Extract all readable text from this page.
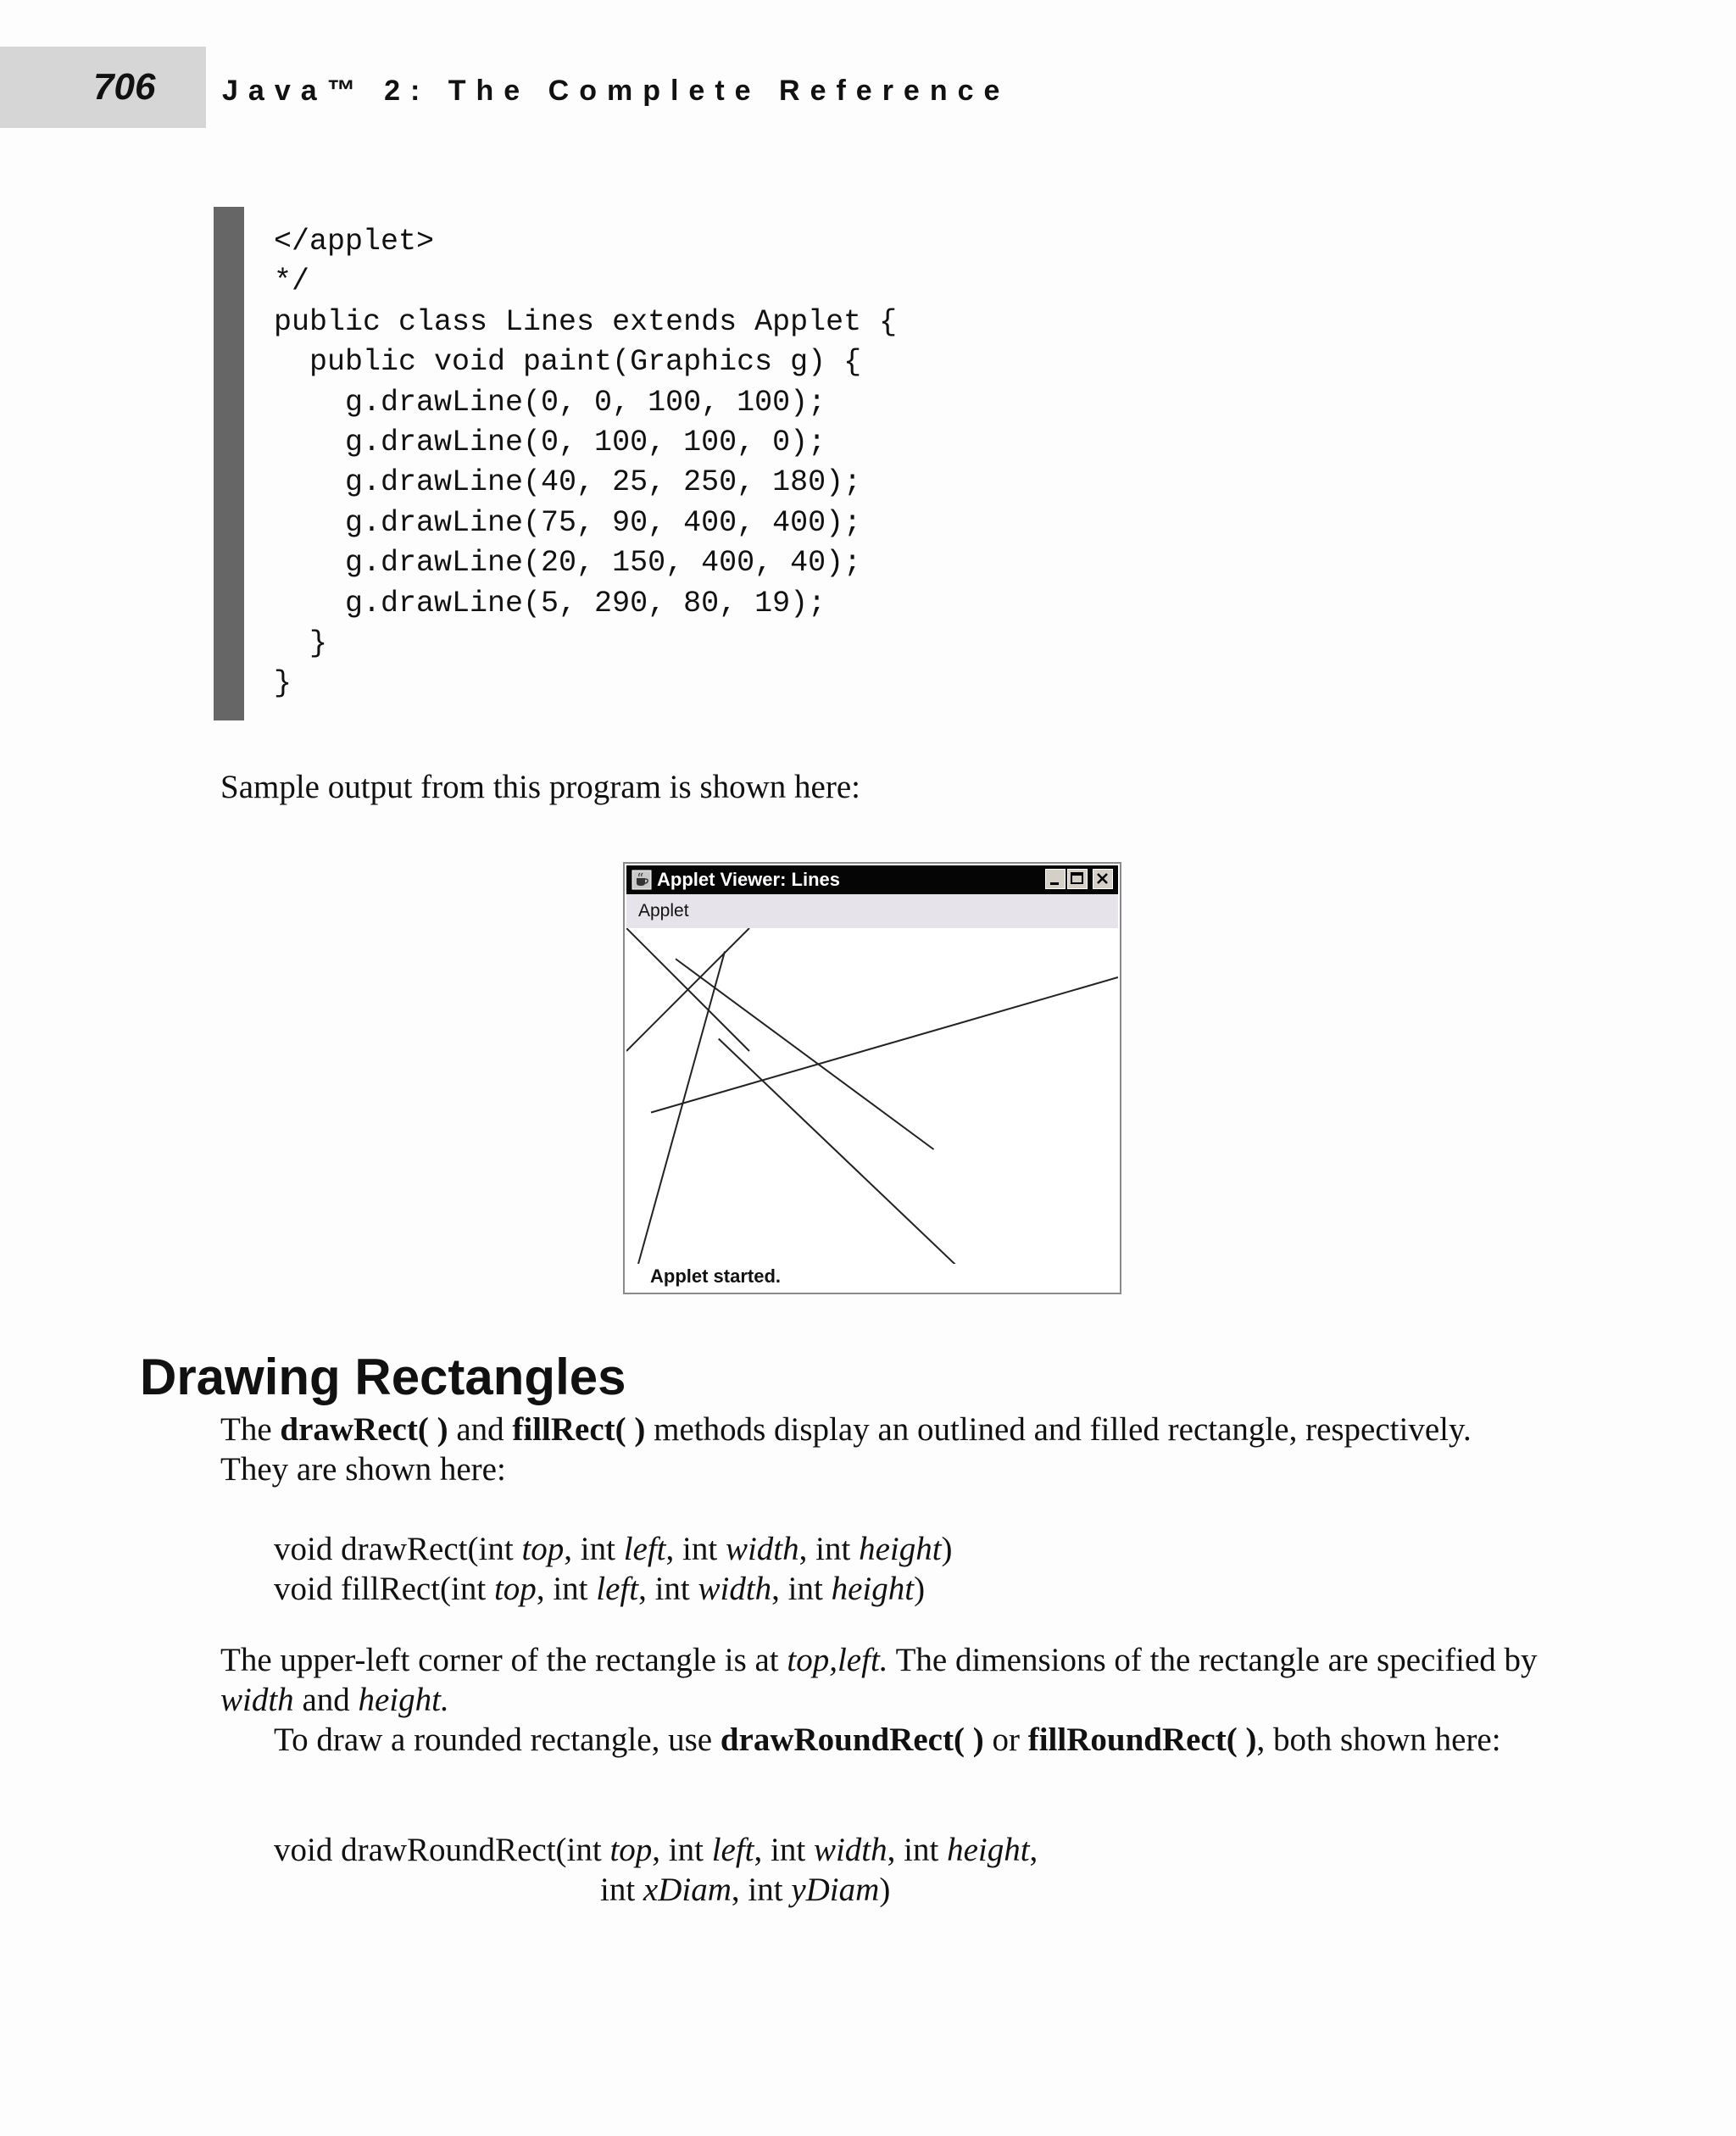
706 Java™ 2: The Complete Reference
</applet>
*/
public class Lines extends Applet {
public void paint(Graphics g) {
g.drawLine(0, 0, 100, 100);
g.drawLine(0, 100, 100, 0);
g.drawLine(40, 25, 250, 180);
g.drawLine(75, 90, 400, 400);
g.drawLine(20, 150, 400, 40);
g.drawLine(5, 290, 80, 19);
}
}

Sample output from this program is shown here:

Applet Viewer: Lines
Applet
Applet started.
Drawing Rectangles

The drawRect( ) and fillRect( ) methods display an outlined and filled rectangle, respectively. They are shown here:

void drawRect(int top, int left, int width, int height)
void fillRect(int top, int left, int width, int height)

The upper-left corner of the rectangle is at top,left. The dimensions of the rectangle are specified by width and height.

To draw a rounded rectangle, use drawRoundRect( ) or fillRoundRect( ), both shown here:

void drawRoundRect(int top, int left, int width, int height,
int xDiam, int yDiam)
